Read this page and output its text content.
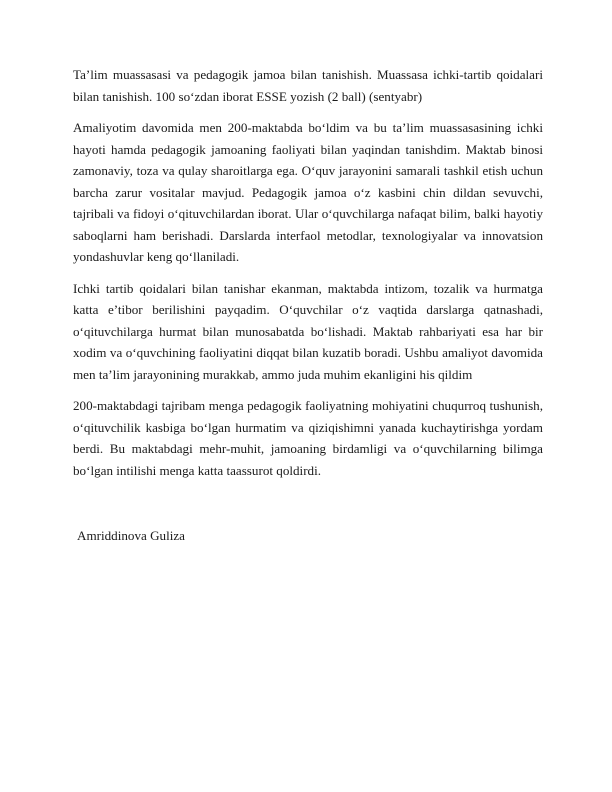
Ta’lim muassasasi va pedagogik jamoa bilan tanishish. Muassasa ichki-tartib qoidalari bilan tanishish. 100 so‘zdan iborat ESSE yozish (2 ball) (sentyabr)

Amaliyotim davomida men 200-maktabda bo‘ldim va bu ta’lim muassasasining ichki hayoti hamda pedagogik jamoaning faoliyati bilan yaqindan tanishdim. Maktab binosi zamonaviy, toza va qulay sharoitlarga ega. O‘quv jarayonini samarali tashkil etish uchun barcha zarur vositalar mavjud. Pedagogik jamoa o‘z kasbini chin dildan sevuvchi, tajribali va fidoyi o‘qituvchilardan iborat. Ular o‘quvchilarga nafaqat bilim, balki hayotiy saboqlarni ham berishadi. Darslarda interfaol metodlar, texnologiyalar va innovatsion yondashuvlar keng qo‘llaniladi.

Ichki tartib qoidalari bilan tanishar ekanman, maktabda intizom, tozalik va hurmatga katta e’tibor berilishini payqadim. O‘quvchilar o‘z vaqtida darslarga qatnashadi, o‘qituvchilarga hurmat bilan munosabatda bo‘lishadi. Maktab rahbariyati esa har bir xodim va o‘quvchining faoliyatini diqqat bilan kuzatib boradi. Ushbu amaliyot davomida men ta’lim jarayonining murakkab, ammo juda muhim ekanligini his qildim

200-maktabdagi tajribam menga pedagogik faoliyatning mohiyatini chuqurroq tushunish, o‘qituvchilik kasbiga bo‘lgan hurmatim va qiziqishimni yanada kuchaytirishga yordam berdi. Bu maktabdagi mehr-muhit, jamoaning birdamligi va o‘quvchilarning bilimga bo‘lgan intilishi menga katta taassurot qoldirdi.

Amriddinova Guliza
